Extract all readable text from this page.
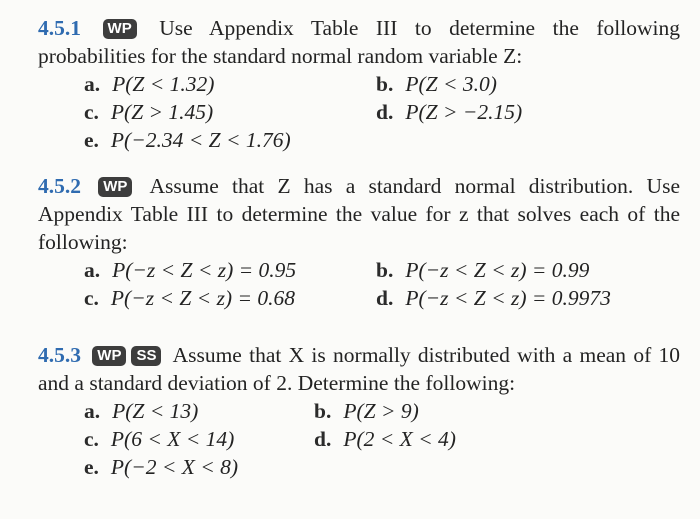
4.5.1 WP Use Appendix Table III to determine the following probabilities for the standard normal random variable Z:
a. P(Z < 1.32)	b. P(Z < 3.0)
c. P(Z > 1.45)	d. P(Z > −2.15)
e. P(−2.34 < Z < 1.76)
4.5.2 WP Assume that Z has a standard normal distribution. Use Appendix Table III to determine the value for z that solves each of the following:
a. P(−z < Z < z) = 0.95	b. P(−z < Z < z) = 0.99
c. P(−z < Z < z) = 0.68	d. P(−z < Z < z) = 0.9973
4.5.3 WP SS Assume that X is normally distributed with a mean of 10 and a standard deviation of 2. Determine the following:
a. P(Z < 13)	b. P(Z > 9)
c. P(6 < X < 14)	d. P(2 < X < 4)
e. P(−2 < X < 8)
